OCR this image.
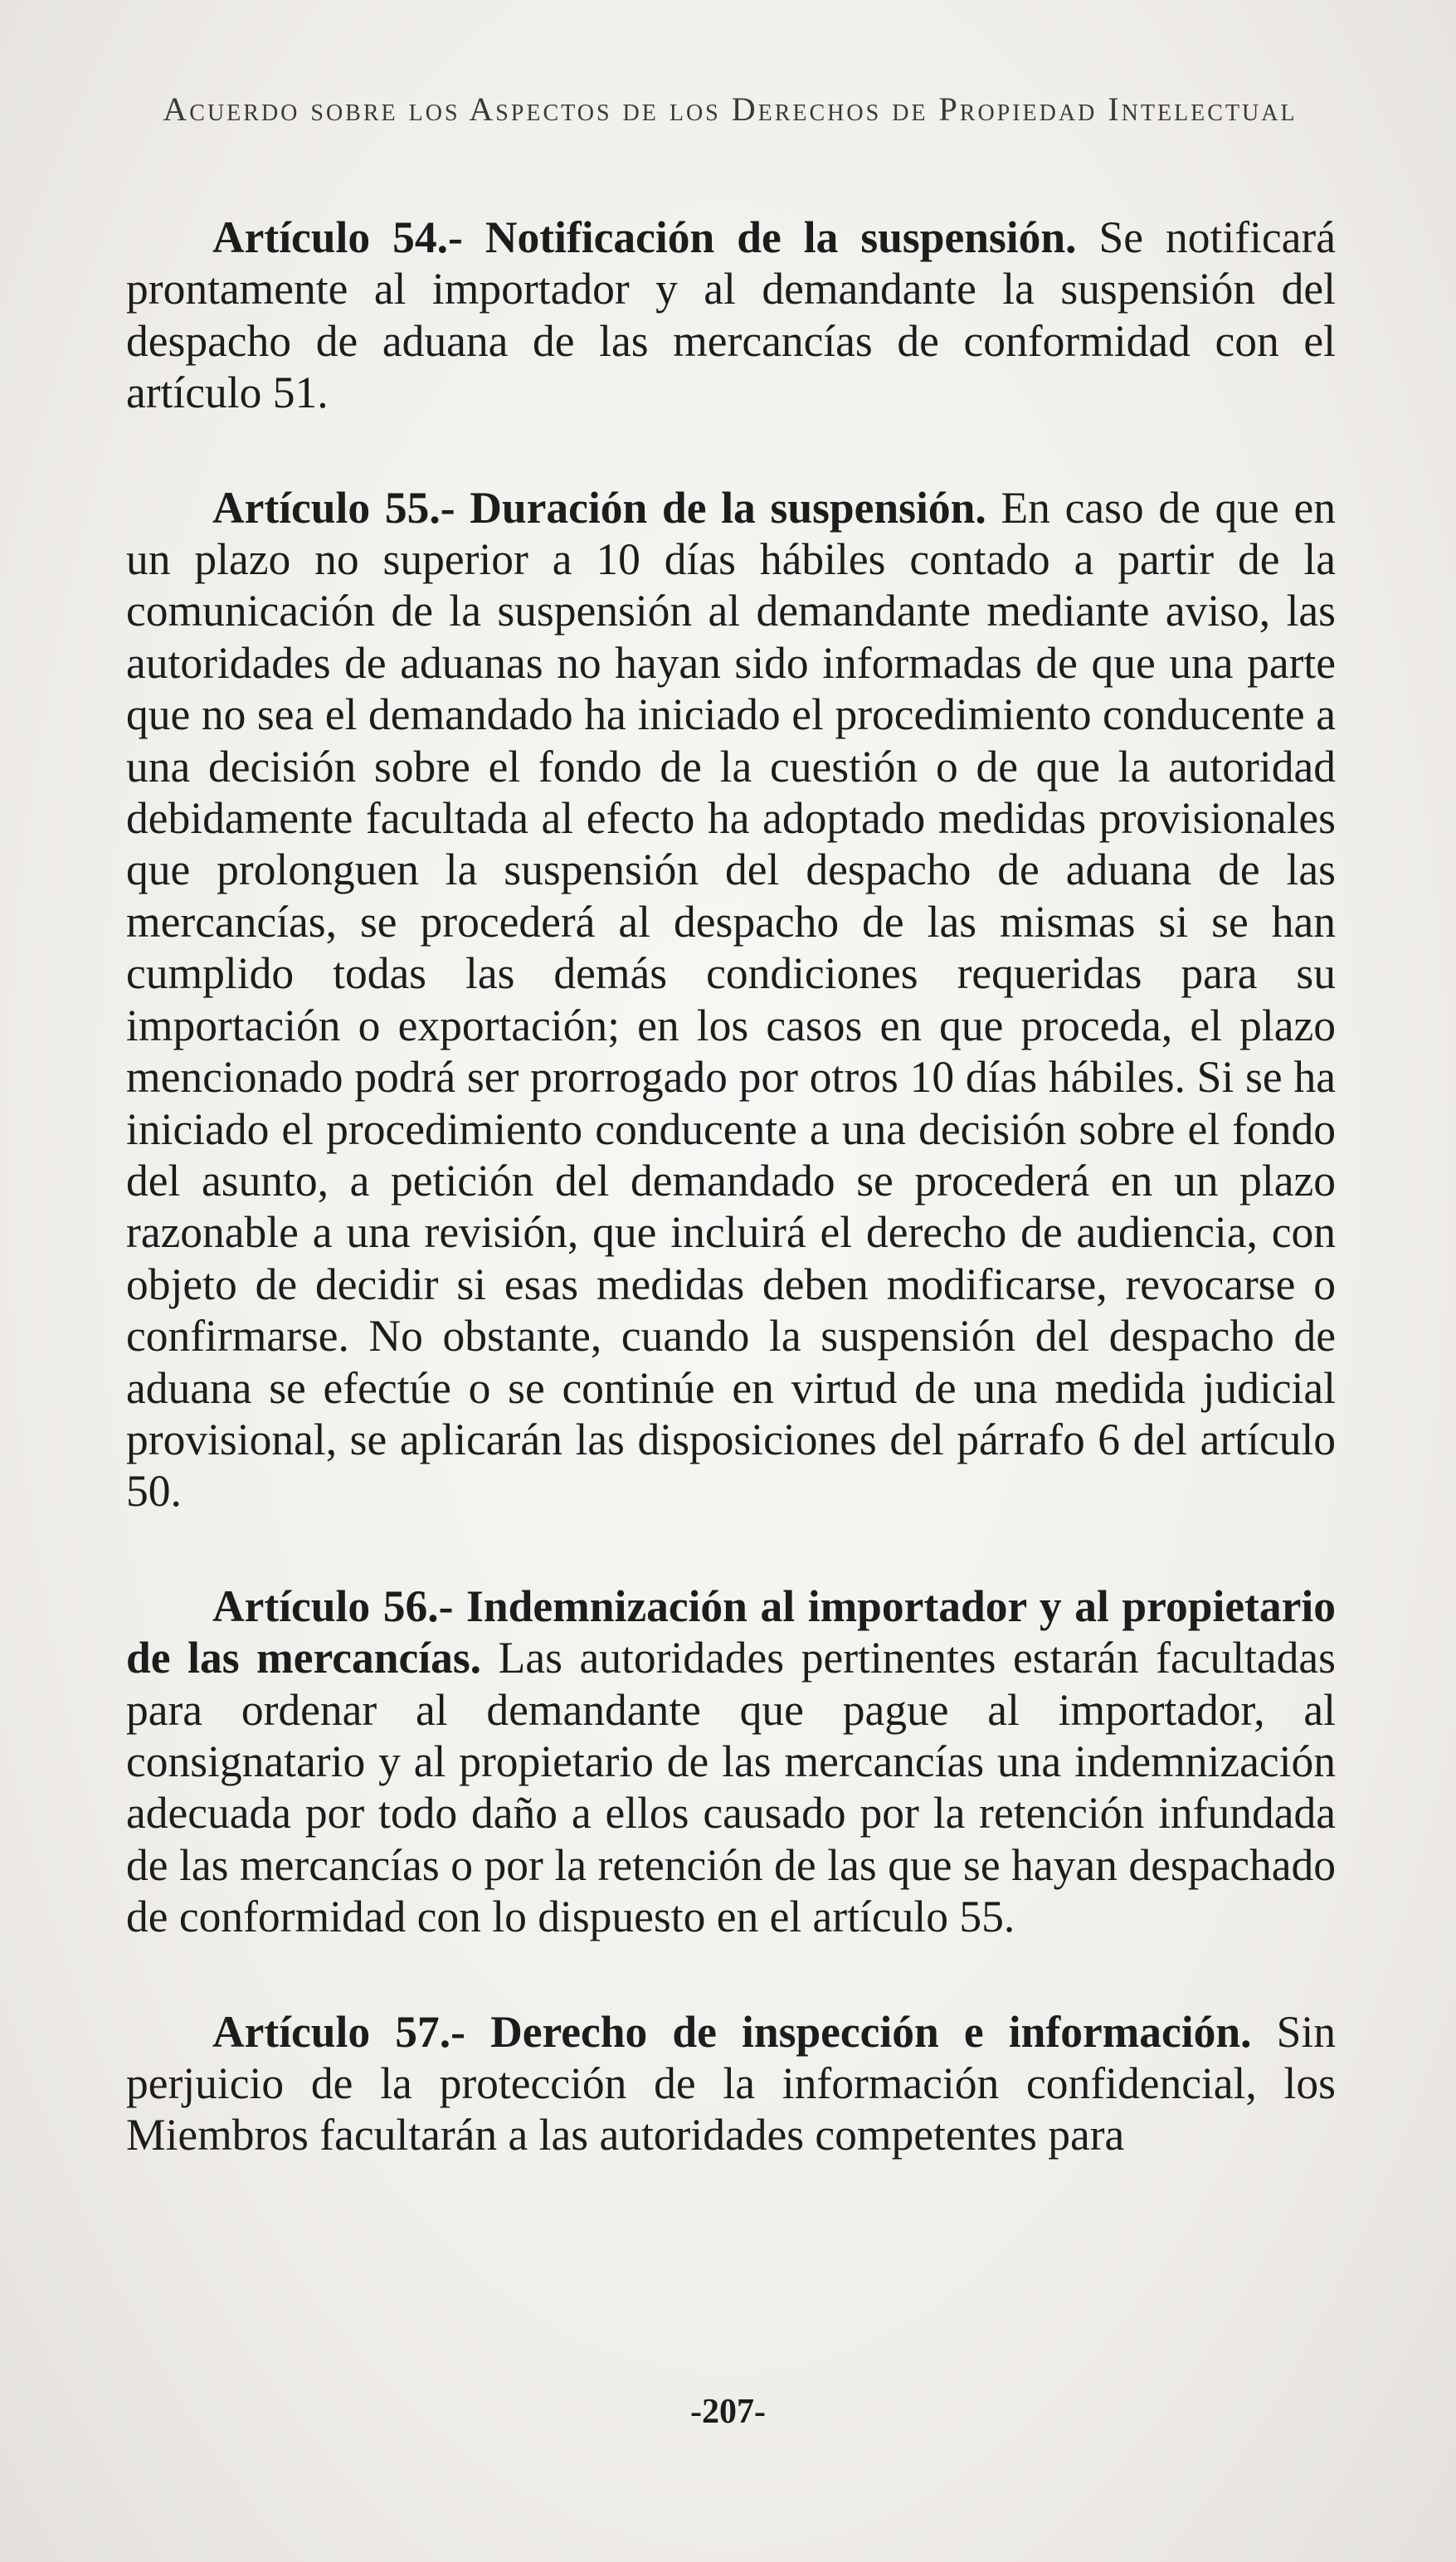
Acuerdo sobre los Aspectos de los Derechos de Propiedad Intelectual

Artículo 54.- Notificación de la suspensión. Se notificará prontamente al importador y al demandante la suspensión del despacho de aduana de las mercancías de conformidad con el artículo 51.

Artículo 55.- Duración de la suspensión. En caso de que en un plazo no superior a 10 días hábiles contado a partir de la comunicación de la suspensión al demandante mediante aviso, las autoridades de aduanas no hayan sido informadas de que una parte que no sea el demandado ha iniciado el procedimiento conducente a una decisión sobre el fondo de la cuestión o de que la autoridad debidamente facultada al efecto ha adoptado medidas provisionales que prolonguen la suspensión del despacho de aduana de las mercancías, se procederá al despacho de las mismas si se han cumplido todas las demás condiciones requeridas para su importación o exportación; en los casos en que proceda, el plazo mencionado podrá ser prorrogado por otros 10 días hábiles. Si se ha iniciado el procedimiento conducente a una decisión sobre el fondo del asunto, a petición del demandado se procederá en un plazo razonable a una revisión, que incluirá el derecho de audiencia, con objeto de decidir si esas medidas deben modificarse, revocarse o confirmarse. No obstante, cuando la suspensión del despacho de aduana se efectúe o se continúe en virtud de una medida judicial provisional, se aplicarán las disposiciones del párrafo 6 del artículo 50.

Artículo 56.- Indemnización al importador y al propietario de las mercancías. Las autoridades pertinentes estarán facultadas para ordenar al demandante que pague al importador, al consignatario y al propietario de las mercancías una indemnización adecuada por todo daño a ellos causado por la retención infundada de las mercancías o por la retención de las que se hayan despachado de conformidad con lo dispuesto en el artículo 55.

Artículo 57.- Derecho de inspección e información. Sin perjuicio de la protección de la información confidencial, los Miembros facultarán a las autoridades competentes para

-207-
